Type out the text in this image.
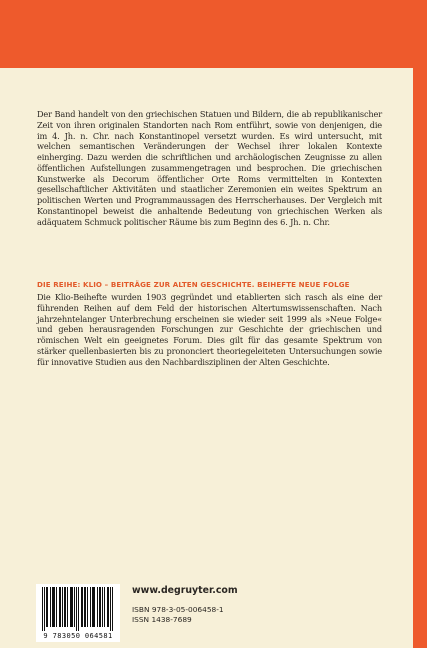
Der Band handelt von den griechischen Statuen und Bildern, die ab republikanischer Zeit von ihren originalen Standorten nach Rom entführt, sowie von denjenigen, die im 4. Jh. n. Chr. nach Konstantinopel versetzt wurden. Es wird untersucht, mit welchen semantischen Veränderungen der Wechsel ihrer lokalen Kontexte einherging. Dazu werden die schriftlichen und archäologischen Zeugnisse zu allen öffentlichen Aufstellungen zusammengetragen und besprochen. Die griechischen Kunstwerke als Decorum öffentlicher Orte Roms vermittelten in Kontexten gesellschaftlicher Aktivitäten und staatlicher Zeremonien ein weites Spektrum an politischen Werten und Programmaussagen des Herrscherhauses. Der Vergleich mit Konstantinopel beweist die anhaltende Bedeutung von griechischen Werken als adäquatem Schmuck politischer Räume bis zum Beginn des 6. Jh. n. Chr.
DIE REIHE: KLIO – BEITRÄGE ZUR ALTEN GESCHICHTE. BEIHEFTE NEUE FOLGE
Die Klio-Beihefte wurden 1903 gegründet und etablierten sich rasch als eine der führenden Reihen auf dem Feld der historischen Altertumswissenschaften. Nach jahrzehntelanger Unterbrechung erscheinen sie wieder seit 1999 als »Neue Folge« und geben herausragenden Forschungen zur Geschichte der griechischen und römischen Welt ein geeignetes Forum. Dies gilt für das gesamte Spektrum von stärker quellenbasierten bis zu prononciert theoriegeleiteten Untersuchungen sowie für innovative Studien aus den Nachbardisziplinen der Alten Geschichte.
9 783050 064581
www.degruyter.com
ISBN 978-3-05-006458-1
ISSN 1438-7689
